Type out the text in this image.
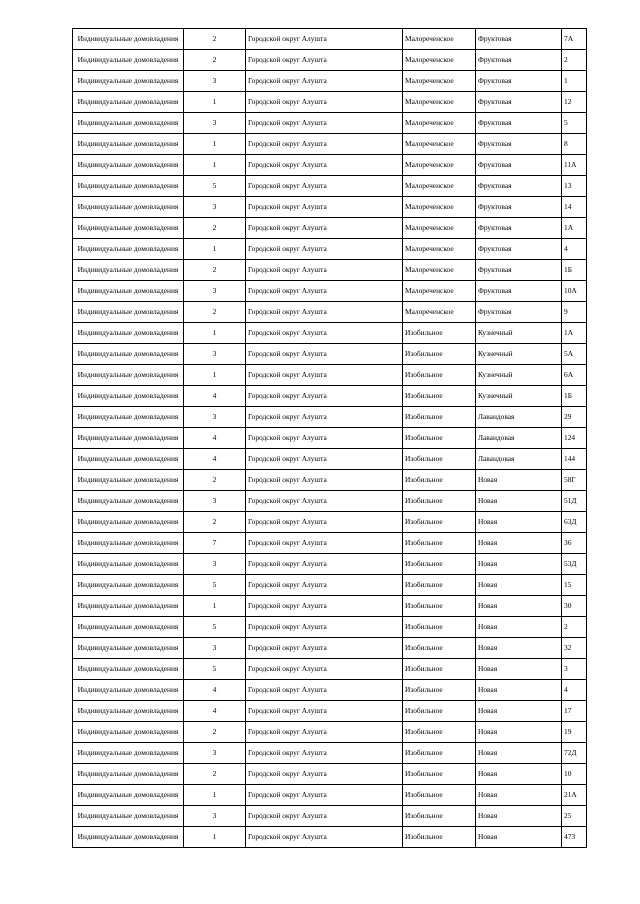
Индивидуальные домовладения	2	Городской округ Алушта	Малореченское	Фруктовая	7А
Индивидуальные домовладения	2	Городской округ Алушта	Малореченское	Фруктовая	2
Индивидуальные домовладения	3	Городской округ Алушта	Малореченское	Фруктовая	1
Индивидуальные домовладения	1	Городской округ Алушта	Малореченское	Фруктовая	12
Индивидуальные домовладения	3	Городской округ Алушта	Малореченское	Фруктовая	5
Индивидуальные домовладения	1	Городской округ Алушта	Малореченское	Фруктовая	8
Индивидуальные домовладения	1	Городской округ Алушта	Малореченское	Фруктовая	11А
Индивидуальные домовладения	5	Городской округ Алушта	Малореченское	Фруктовая	13
Индивидуальные домовладения	3	Городской округ Алушта	Малореченское	Фруктовая	14
Индивидуальные домовладения	2	Городской округ Алушта	Малореченское	Фруктовая	1А
Индивидуальные домовладения	1	Городской округ Алушта	Малореченское	Фруктовая	4
Индивидуальные домовладения	2	Городской округ Алушта	Малореченское	Фруктовая	1Б
Индивидуальные домовладения	3	Городской округ Алушта	Малореченское	Фруктовая	10А
Индивидуальные домовладения	2	Городской округ Алушта	Малореченское	Фруктовая	9
Индивидуальные домовладения	1	Городской округ Алушта	Изобильное	Кузнечный	1А
Индивидуальные домовладения	3	Городской округ Алушта	Изобильное	Кузнечный	5А
Индивидуальные домовладения	1	Городской округ Алушта	Изобильное	Кузнечный	6А
Индивидуальные домовладения	4	Городской округ Алушта	Изобильное	Кузнечный	1Б
Индивидуальные домовладения	3	Городской округ Алушта	Изобильное	Лавандовая	29
Индивидуальные домовладения	4	Городской округ Алушта	Изобильное	Лавандовая	124
Индивидуальные домовладения	4	Городской округ Алушта	Изобильное	Лавандовая	144
Индивидуальные домовладения	2	Городской округ Алушта	Изобильное	Новая	58Г
Индивидуальные домовладения	3	Городской округ Алушта	Изобильное	Новая	51Д
Индивидуальные домовладения	2	Городской округ Алушта	Изобильное	Новая	63Д
Индивидуальные домовладения	7	Городской округ Алушта	Изобильное	Новая	36
Индивидуальные домовладения	3	Городской округ Алушта	Изобильное	Новая	53Д
Индивидуальные домовладения	5	Городской округ Алушта	Изобильное	Новая	15
Индивидуальные домовладения	1	Городской округ Алушта	Изобильное	Новая	30
Индивидуальные домовладения	5	Городской округ Алушта	Изобильное	Новая	2
Индивидуальные домовладения	3	Городской округ Алушта	Изобильное	Новая	32
Индивидуальные домовладения	5	Городской округ Алушта	Изобильное	Новая	3
Индивидуальные домовладения	4	Городской округ Алушта	Изобильное	Новая	4
Индивидуальные домовладения	4	Городской округ Алушта	Изобильное	Новая	17
Индивидуальные домовладения	2	Городской округ Алушта	Изобильное	Новая	19
Индивидуальные домовладения	3	Городской округ Алушта	Изобильное	Новая	72Д
Индивидуальные домовладения	2	Городской округ Алушта	Изобильное	Новая	10
Индивидуальные домовладения	1	Городской округ Алушта	Изобильное	Новая	21А
Индивидуальные домовладения	3	Городской округ Алушта	Изобильное	Новая	25
Индивидуальные домовладения	1	Городской округ Алушта	Изобильное	Новая	473
